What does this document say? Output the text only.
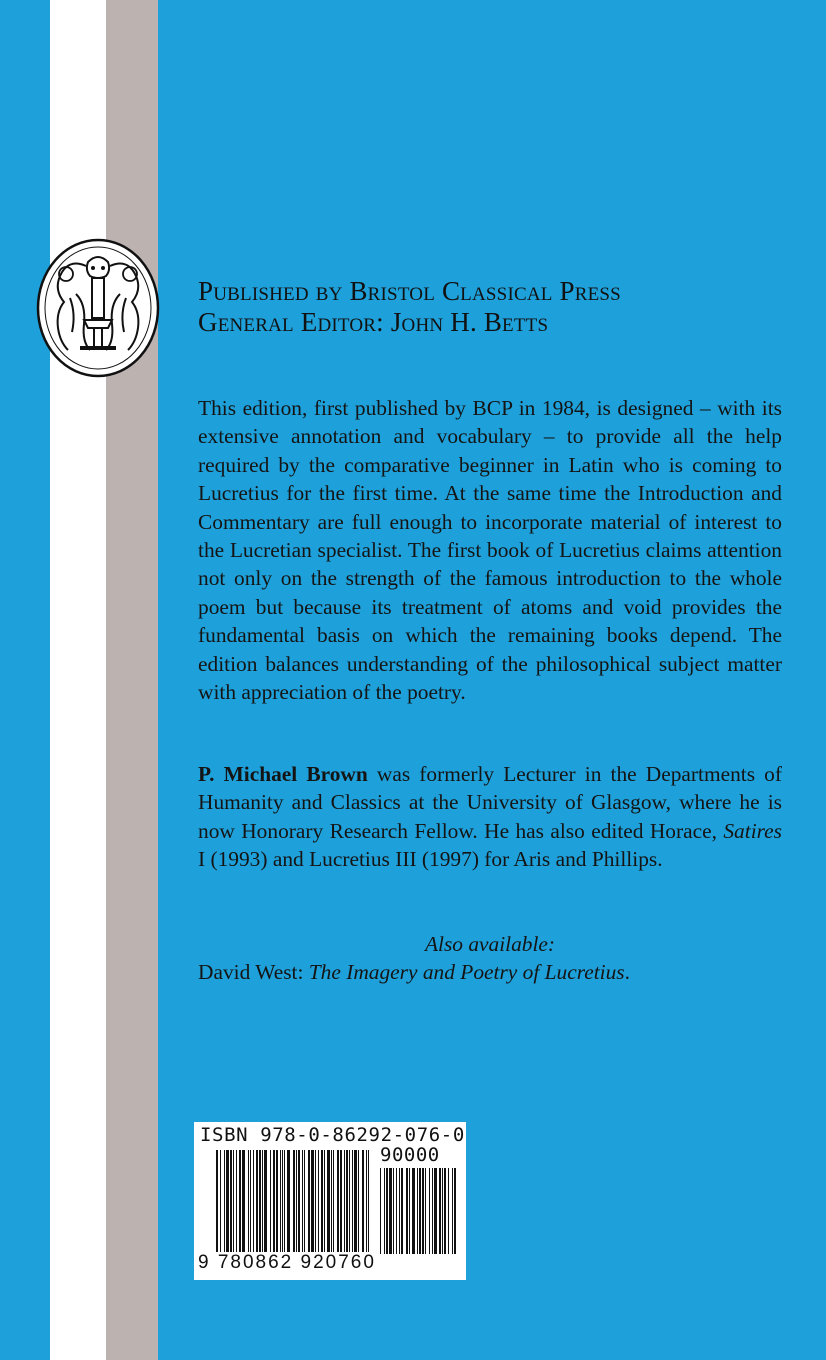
Published by Bristol Classical Press
General Editor: John H. Betts
This edition, first published by BCP in 1984, is designed – with its extensive annotation and vocabulary – to provide all the help required by the comparative beginner in Latin who is coming to Lucretius for the first time. At the same time the Introduction and Commentary are full enough to incorporate material of interest to the Lucretian specialist. The first book of Lucretius claims attention not only on the strength of the famous introduction to the whole poem but because its treatment of atoms and void provides the fundamental basis on which the remaining books depend. The edition balances understanding of the philosophical subject matter with appreciation of the poetry.
P. Michael Brown was formerly Lecturer in the Departments of Humanity and Classics at the University of Glasgow, where he is now Honorary Research Fellow. He has also edited Horace, Satires I (1993) and Lucretius III (1997) for Aris and Phillips.
Also available:
David West: The Imagery and Poetry of Lucretius.
ISBN 978-0-86292-076-0
90000
9 780862 920760
